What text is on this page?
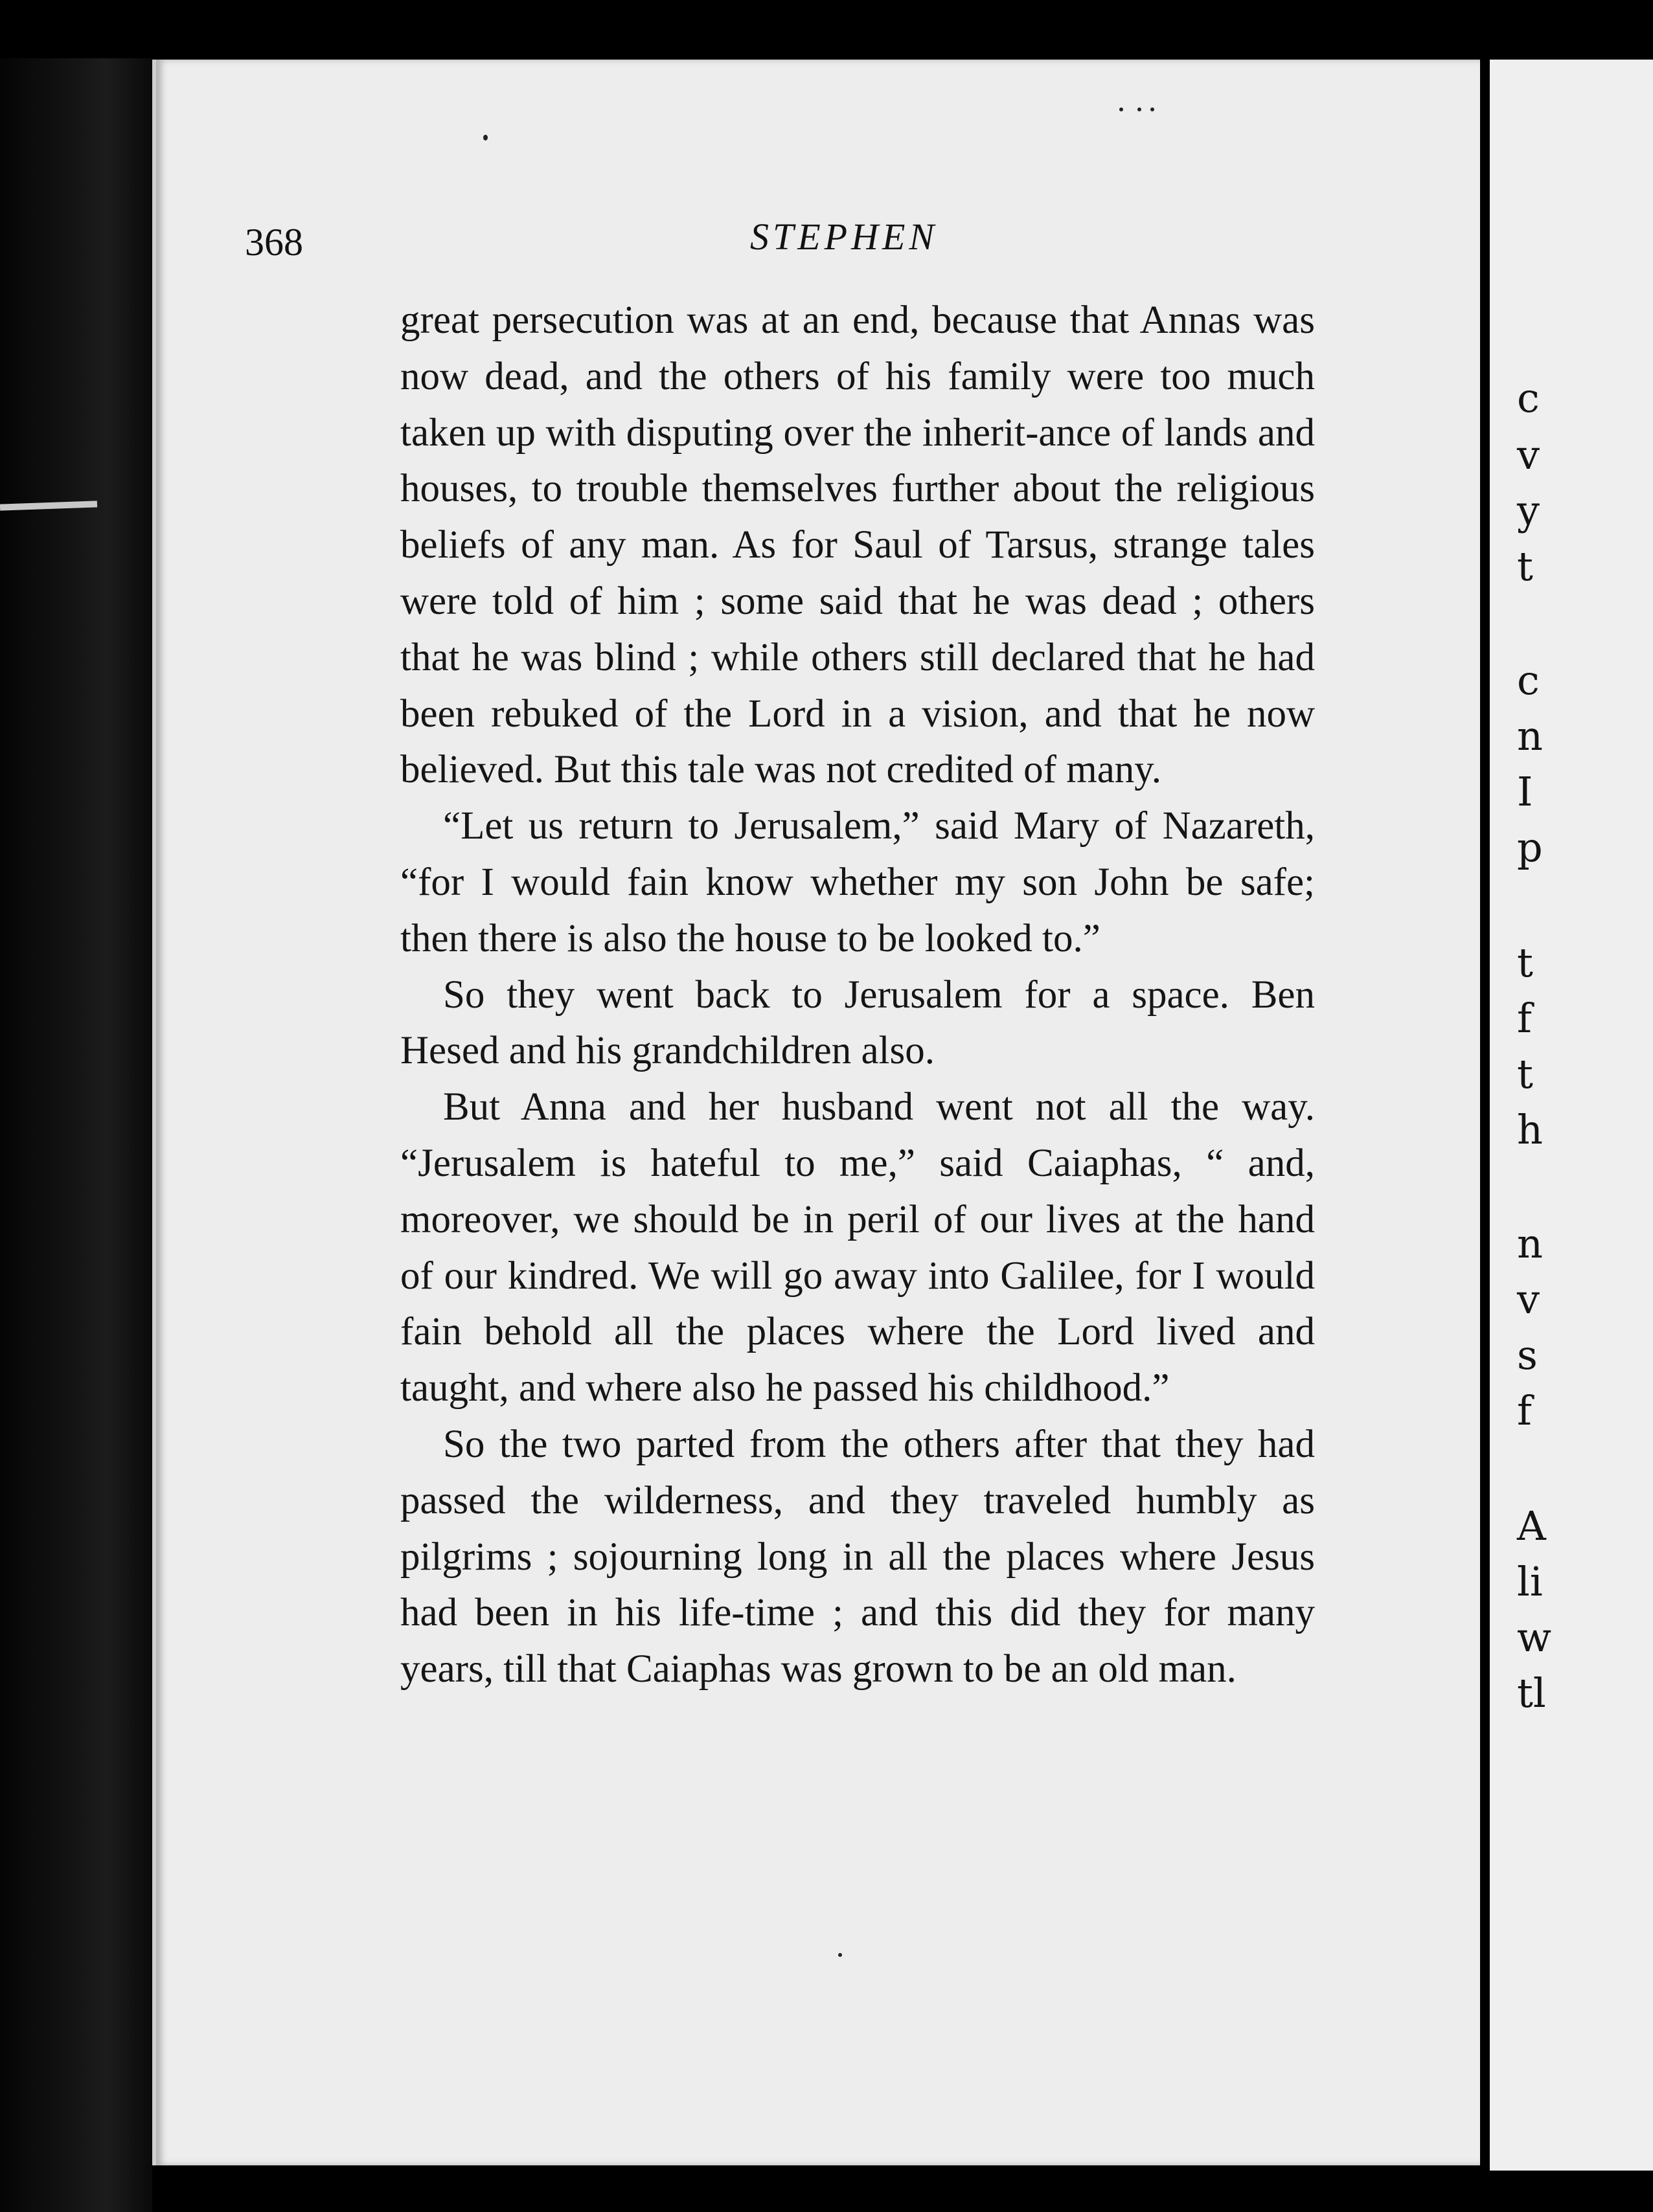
368	STEPHEN

great persecution was at an end, because that Annas was now dead, and the others of his family were too much taken up with disputing over the inherit-ance of lands and houses, to trouble themselves further about the religious beliefs of any man. As for Saul of Tarsus, strange tales were told of him ; some said that he was dead ; others that he was blind ; while others still declared that he had been rebuked of the Lord in a vision, and that he now believed. But this tale was not credited of many.

“Let us return to Jerusalem,” said Mary of Nazareth, “for I would fain know whether my son John be safe; then there is also the house to be looked to.”

So they went back to Jerusalem for a space. Ben Hesed and his grandchildren also.

But Anna and her husband went not all the way. “Jerusalem is hateful to me,” said Caiaphas, “ and, moreover, we should be in peril of our lives at the hand of our kindred. We will go away into Galilee, for I would fain behold all the places where the Lord lived and taught, and where also he passed his childhood.”

So the two parted from the others after that they had passed the wilderness, and they traveled humbly as pilgrims ; sojourning long in all the places where Jesus had been in his life-time ; and this did they for many years, till that Caiaphas was grown to be an old man.

c
v
y
t
c
n
I
p
t
f
t
h
n
v
s
f
A
li
w
tl
